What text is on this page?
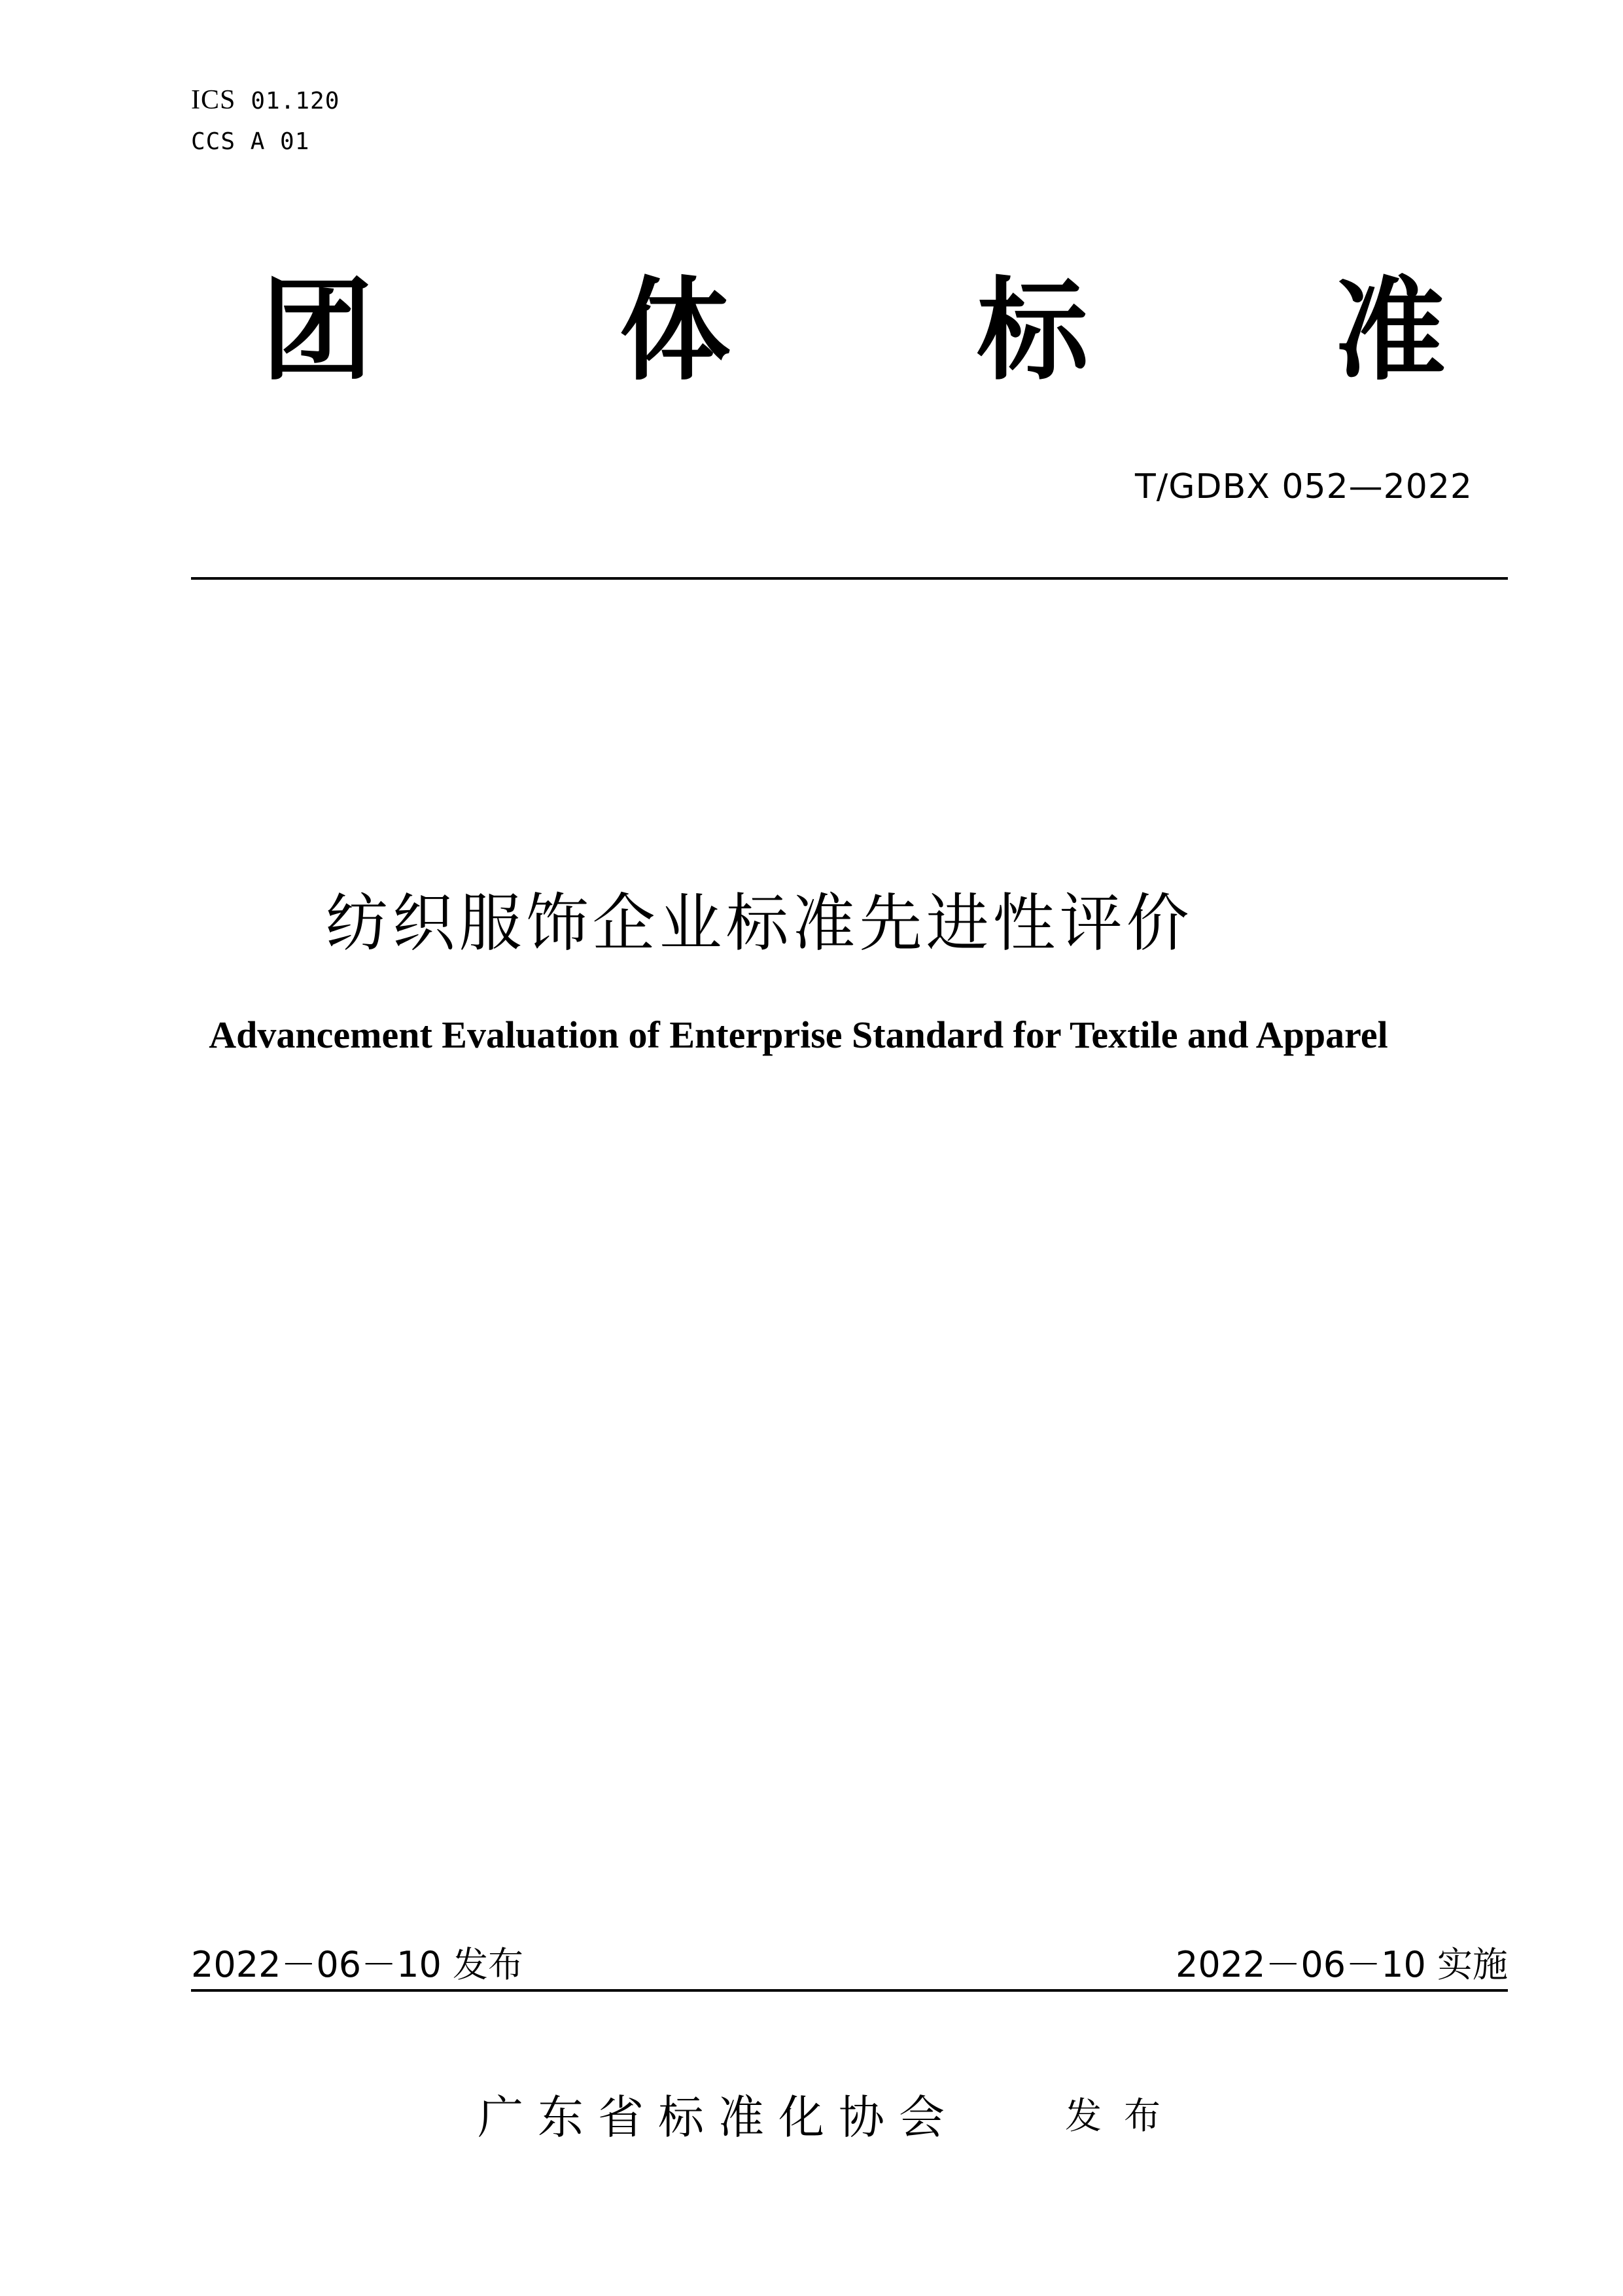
ICS 01.120
CCS A 01
团 体 标 准
T/GDBX 052—2022
纺织服饰企业标准先进性评价
Advancement Evaluation of Enterprise Standard for Textile and Apparel
2022－06－10 发布	2022－06－10 实施
广东省标准化协会	发布
